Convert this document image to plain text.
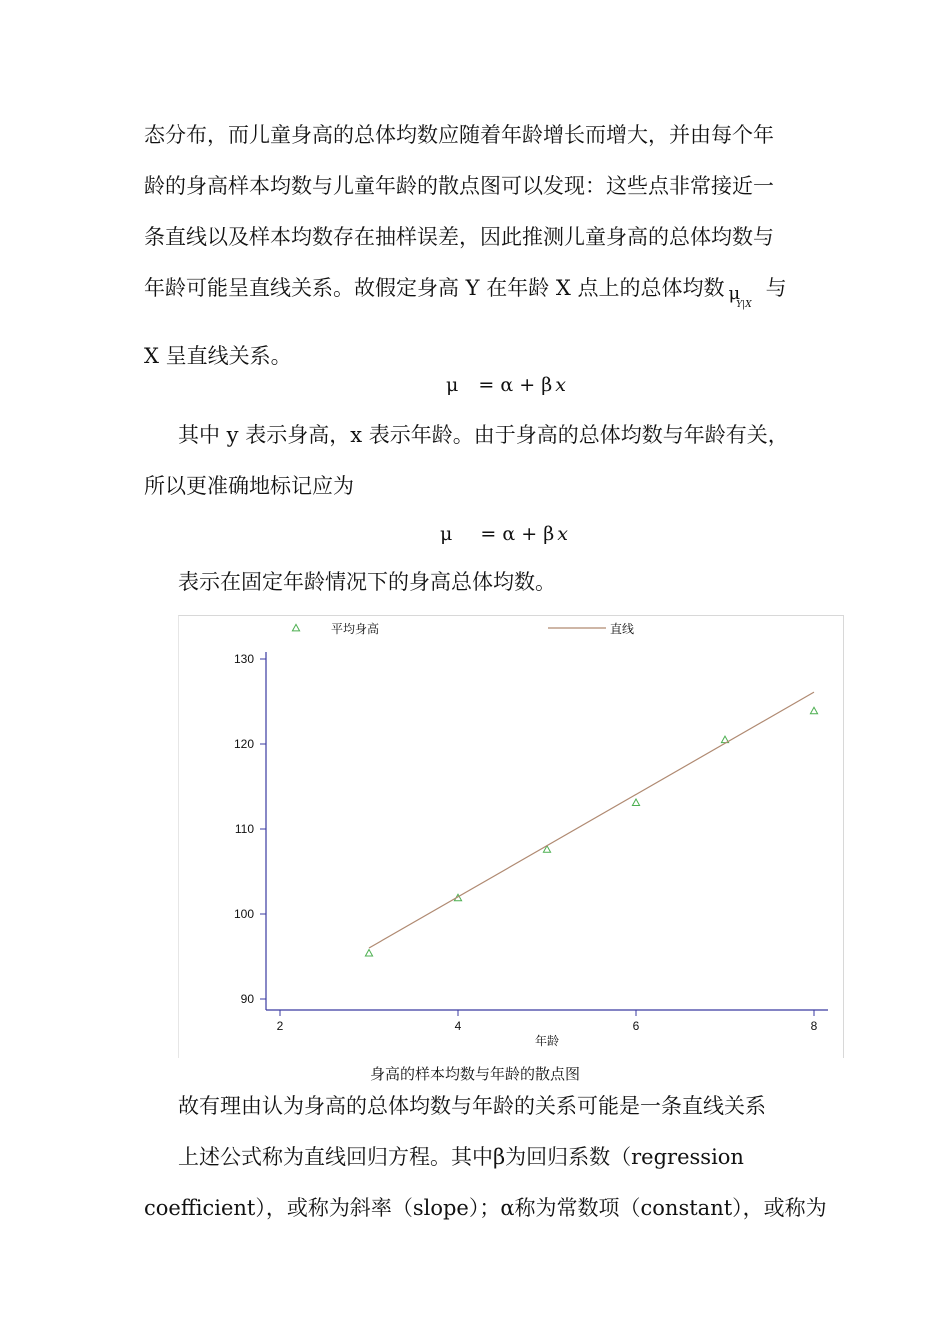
态分布，而儿童身高的总体均数应随着年龄增长而增大，并由每个年
龄的身高样本均数与儿童年龄的散点图可以发现：这些点非常接近一
条直线以及样本均数存在抽样误差，因此推测儿童身高的总体均数与
年龄可能呈直线关系。故假定身高 Y 在年龄 X 点上的总体均数 $\mu_{Y|X}$与
X 呈直线关系。
μ = α + β x
其中 y 表示身高，x 表示年龄。由于身高的总体均数与年龄有关，
所以更准确地标记应为
μ = α + β x
表示在固定年龄情况下的身高总体均数。
90
100
110
120
130
2	4	6	8
年龄
平均身高	直线
身高的样本均数与年龄的散点图
故有理由认为身高的总体均数与年龄的关系可能是一条直线关系
上述公式称为直线回归方程。其中β为回归系数（regression
coefficient），或称为斜率（slope）；α称为常数项（constant），或称为
